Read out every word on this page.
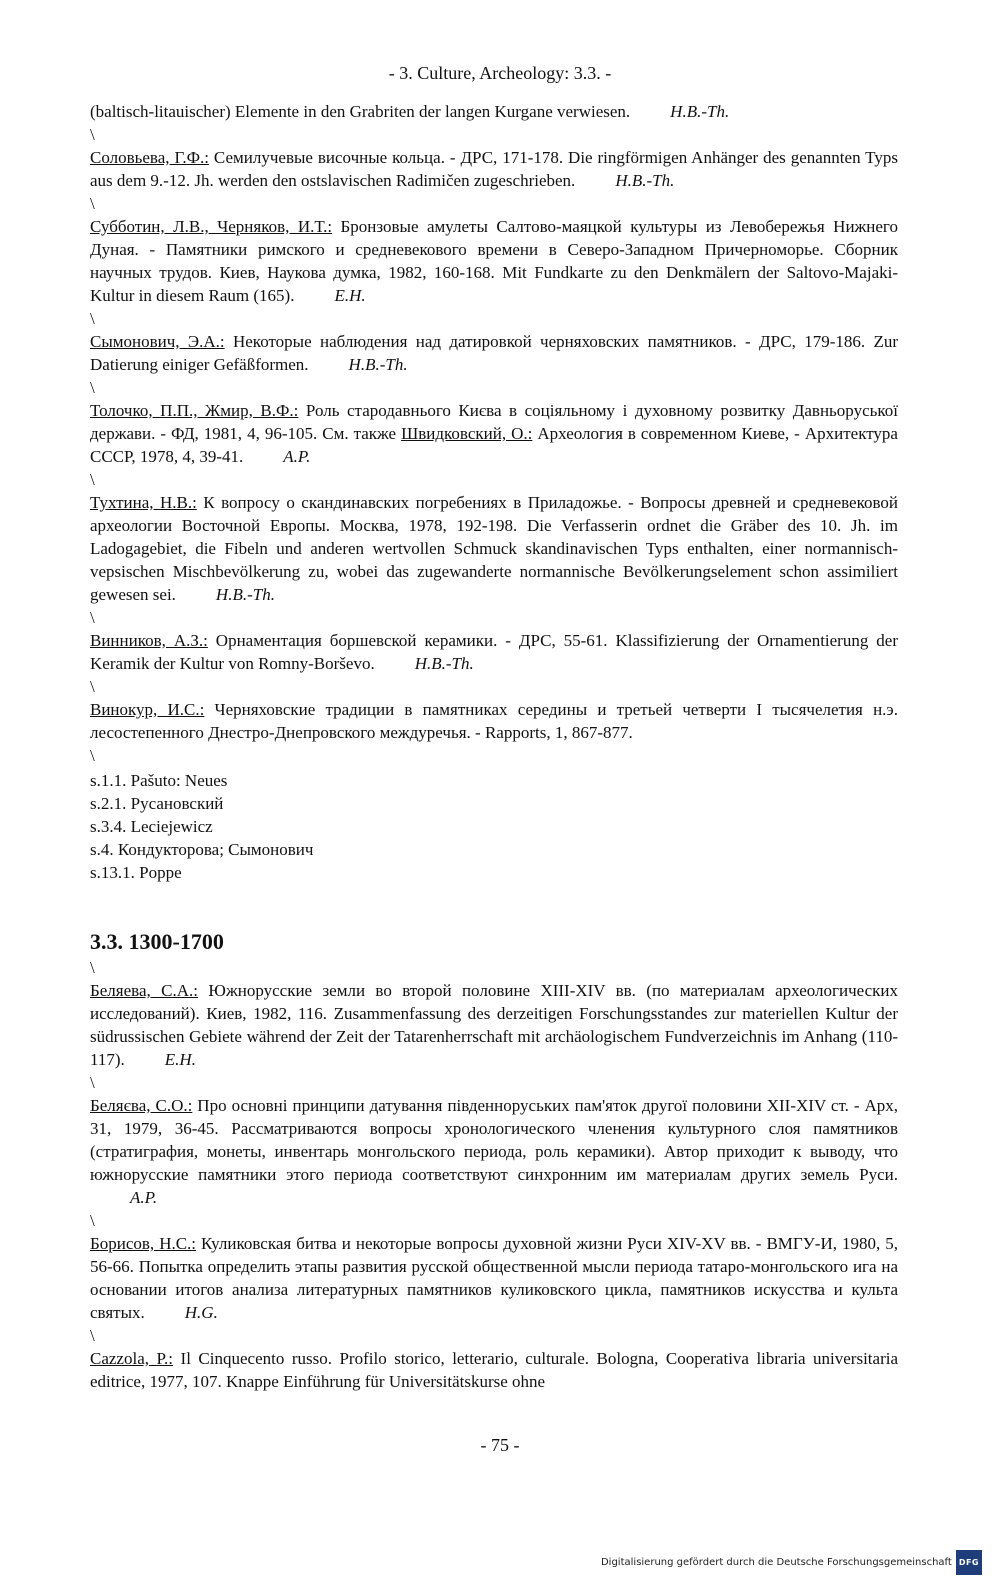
- 3. Culture, Archeology: 3.3. -

(baltisch-litauischer) Elemente in den Grabriten der langen Kurgane verwiesen. H.B.-Th.

\

Соловьева, Г.Ф.: Семилучевые височные кольца. - ДРС, 171-178. Die ringförmigen Anhänger des genannten Typs aus dem 9.-12. Jh. werden den ostslavischen Radimičen zugeschrieben. H.B.-Th.

\

Субботин, Л.В., Черняков, И.Т.: Бронзовые амулеты Салтово-маяцкой культуры из Левобережья Нижнего Дуная. - Памятники римского и средневекового времени в Северо-Западном Причерноморье. Сборник научных трудов. Киев, Наукова думка, 1982, 160-168. Mit Fundkarte zu den Denkmälern der Saltovo-Majaki-Kultur in diesem Raum (165). E.H.

\

Сымонович, Э.А.: Некоторые наблюдения над датировкой черняховских памятников. - ДРС, 179-186. Zur Datierung einiger Gefäßformen. H.B.-Th.

\

Толочко, П.П., Жмир, В.Ф.: Роль стародавнього Києва в соціяльному і духовному розвитку Давньоруської держави. - ФД, 1981, 4, 96-105. См. также Швидковский, О.: Археология в современном Киеве, - Архитектура СССР, 1978, 4, 39-41. A.P.

\

Тухтина, Н.В.: К вопросу о скандинавских погребениях в Приладожье. - Вопросы древней и средневековой археологии Восточной Европы. Москва, 1978, 192-198. Die Verfasserin ordnet die Gräber des 10. Jh. im Ladogagebiet, die Fibeln und anderen wertvollen Schmuck skandinavischen Typs enthalten, einer normannisch-vepsischen Mischbevölkerung zu, wobei das zugewanderte normannische Bevölkerungselement schon assimiliert gewesen sei. H.B.-Th.

\

Винников, А.З.: Орнаментация боршевской керамики. - ДРС, 55-61. Klassifizierung der Ornamentierung der Keramik der Kultur von Romny-Borševo. H.B.-Th.

\

Винокур, И.С.: Черняховские традиции в памятниках середины и третьей четверти I тысячелетия н.э. лесостепенного Днестро-Днепровского междуречья. - Rapports, 1, 867-877.

\

s.1.1. Pašuto: Neues

s.2.1. Русановский

s.3.4. Leciejewicz

s.4. Кондукторова; Сымонович

s.13.1. Poppe

3.3. 1300-1700
\

Беляева, С.А.: Южнорусские земли во второй половине XIII-XIV вв. (по материалам археологических исследований). Киев, 1982, 116. Zusammenfassung des derzeitigen Forschungsstandes zur materiellen Kultur der südrussischen Gebiete während der Zeit der Tatarenherrschaft mit archäologischem Fundverzeichnis im Anhang (110-117). E.H.

\

Беляєва, С.О.: Про основні принципи датування південноруських пам'яток другої половини XII-XIV ст. - Арх, 31, 1979, 36-45. Рассматриваются вопросы хронологического членения культурного слоя памятников (стратиграфия, монеты, инвентарь монгольского периода, роль керамики). Автор приходит к выводу, что южнорусские памятники этого периода соответствуют синхронним им материалам других земель Руси.A.P.

\

Борисов, Н.С.: Куликовская битва и некоторые вопросы духовной жизни Руси XIV-XV вв. - ВМГУ-И, 1980, 5, 56-66. Попытка определить этапы развития русской общественной мысли периода татаро-монгольского ига на основании итогов анализа литературных памятников куликовского цикла, памятников искусства и культа святых. H.G.

\

Cazzola, P.: Il Cinquecento russo. Profilo storico, letterario, culturale. Bologna, Cooperativa libraria universitaria editrice, 1977, 107. Knappe Einführung für Universitätskurse ohne

- 75 -
Digitalisierung gefördert durch die Deutsche Forschungsgemeinschaft DFG
